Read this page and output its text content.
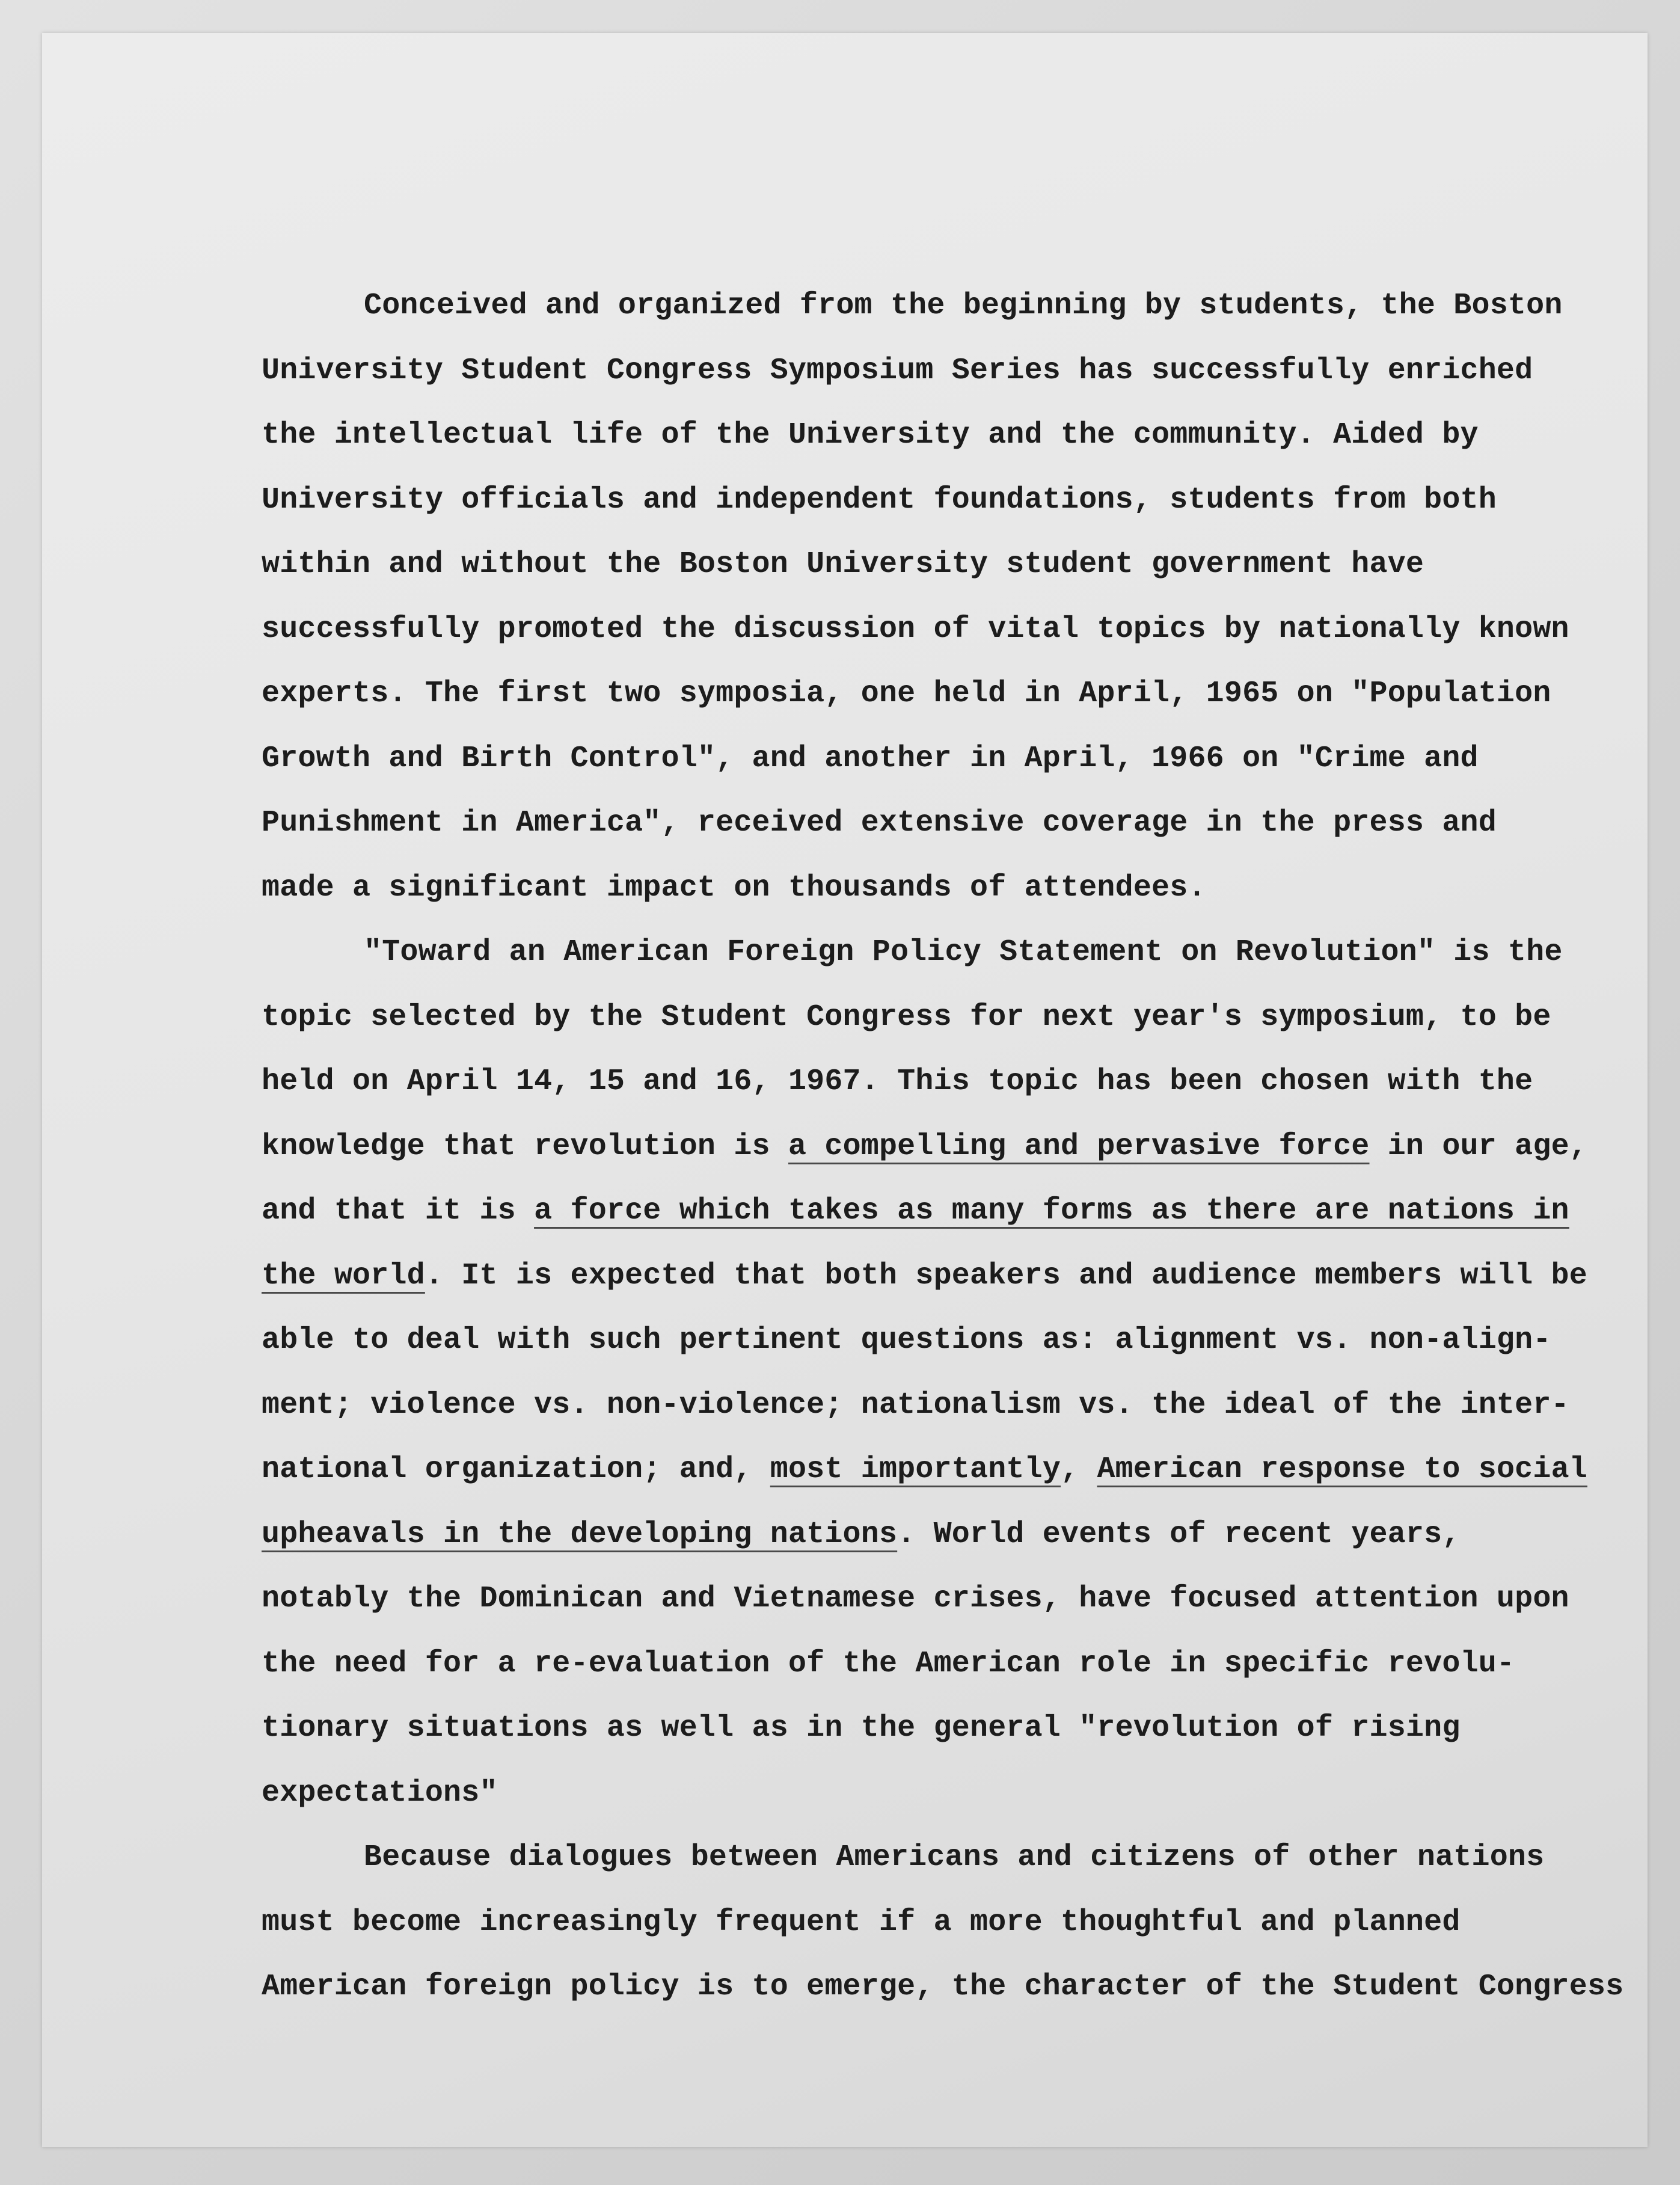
Conceived and organized from the beginning by students, the Boston
University Student Congress Symposium Series has successfully enriched
the intellectual life of the University and the community. Aided by
University officials and independent foundations, students from both
within and without the Boston University student government have
successfully promoted the discussion of vital topics by nationally known
experts. The first two symposia, one held in April, 1965 on "Population
Growth and Birth Control", and another in April, 1966 on "Crime and
Punishment in America", received extensive coverage in the press and
made a significant impact on thousands of attendees.
"Toward an American Foreign Policy Statement on Revolution" is the
topic selected by the Student Congress for next year's symposium, to be
held on April 14, 15 and 16, 1967. This topic has been chosen with the
knowledge that revolution is a compelling and pervasive force in our age,
and that it is a force which takes as many forms as there are nations in
the world. It is expected that both speakers and audience members will be
able to deal with such pertinent questions as: alignment vs. non-align-
ment; violence vs. non-violence; nationalism vs. the ideal of the inter-
national organization; and, most importantly, American response to social
upheavals in the developing nations. World events of recent years,
notably the Dominican and Vietnamese crises, have focused attention upon
the need for a re-evaluation of the American role in specific revolu-
tionary situations as well as in the general "revolution of rising
expectations"
Because dialogues between Americans and citizens of other nations
must become increasingly frequent if a more thoughtful and planned
American foreign policy is to emerge, the character of the Student Congress
